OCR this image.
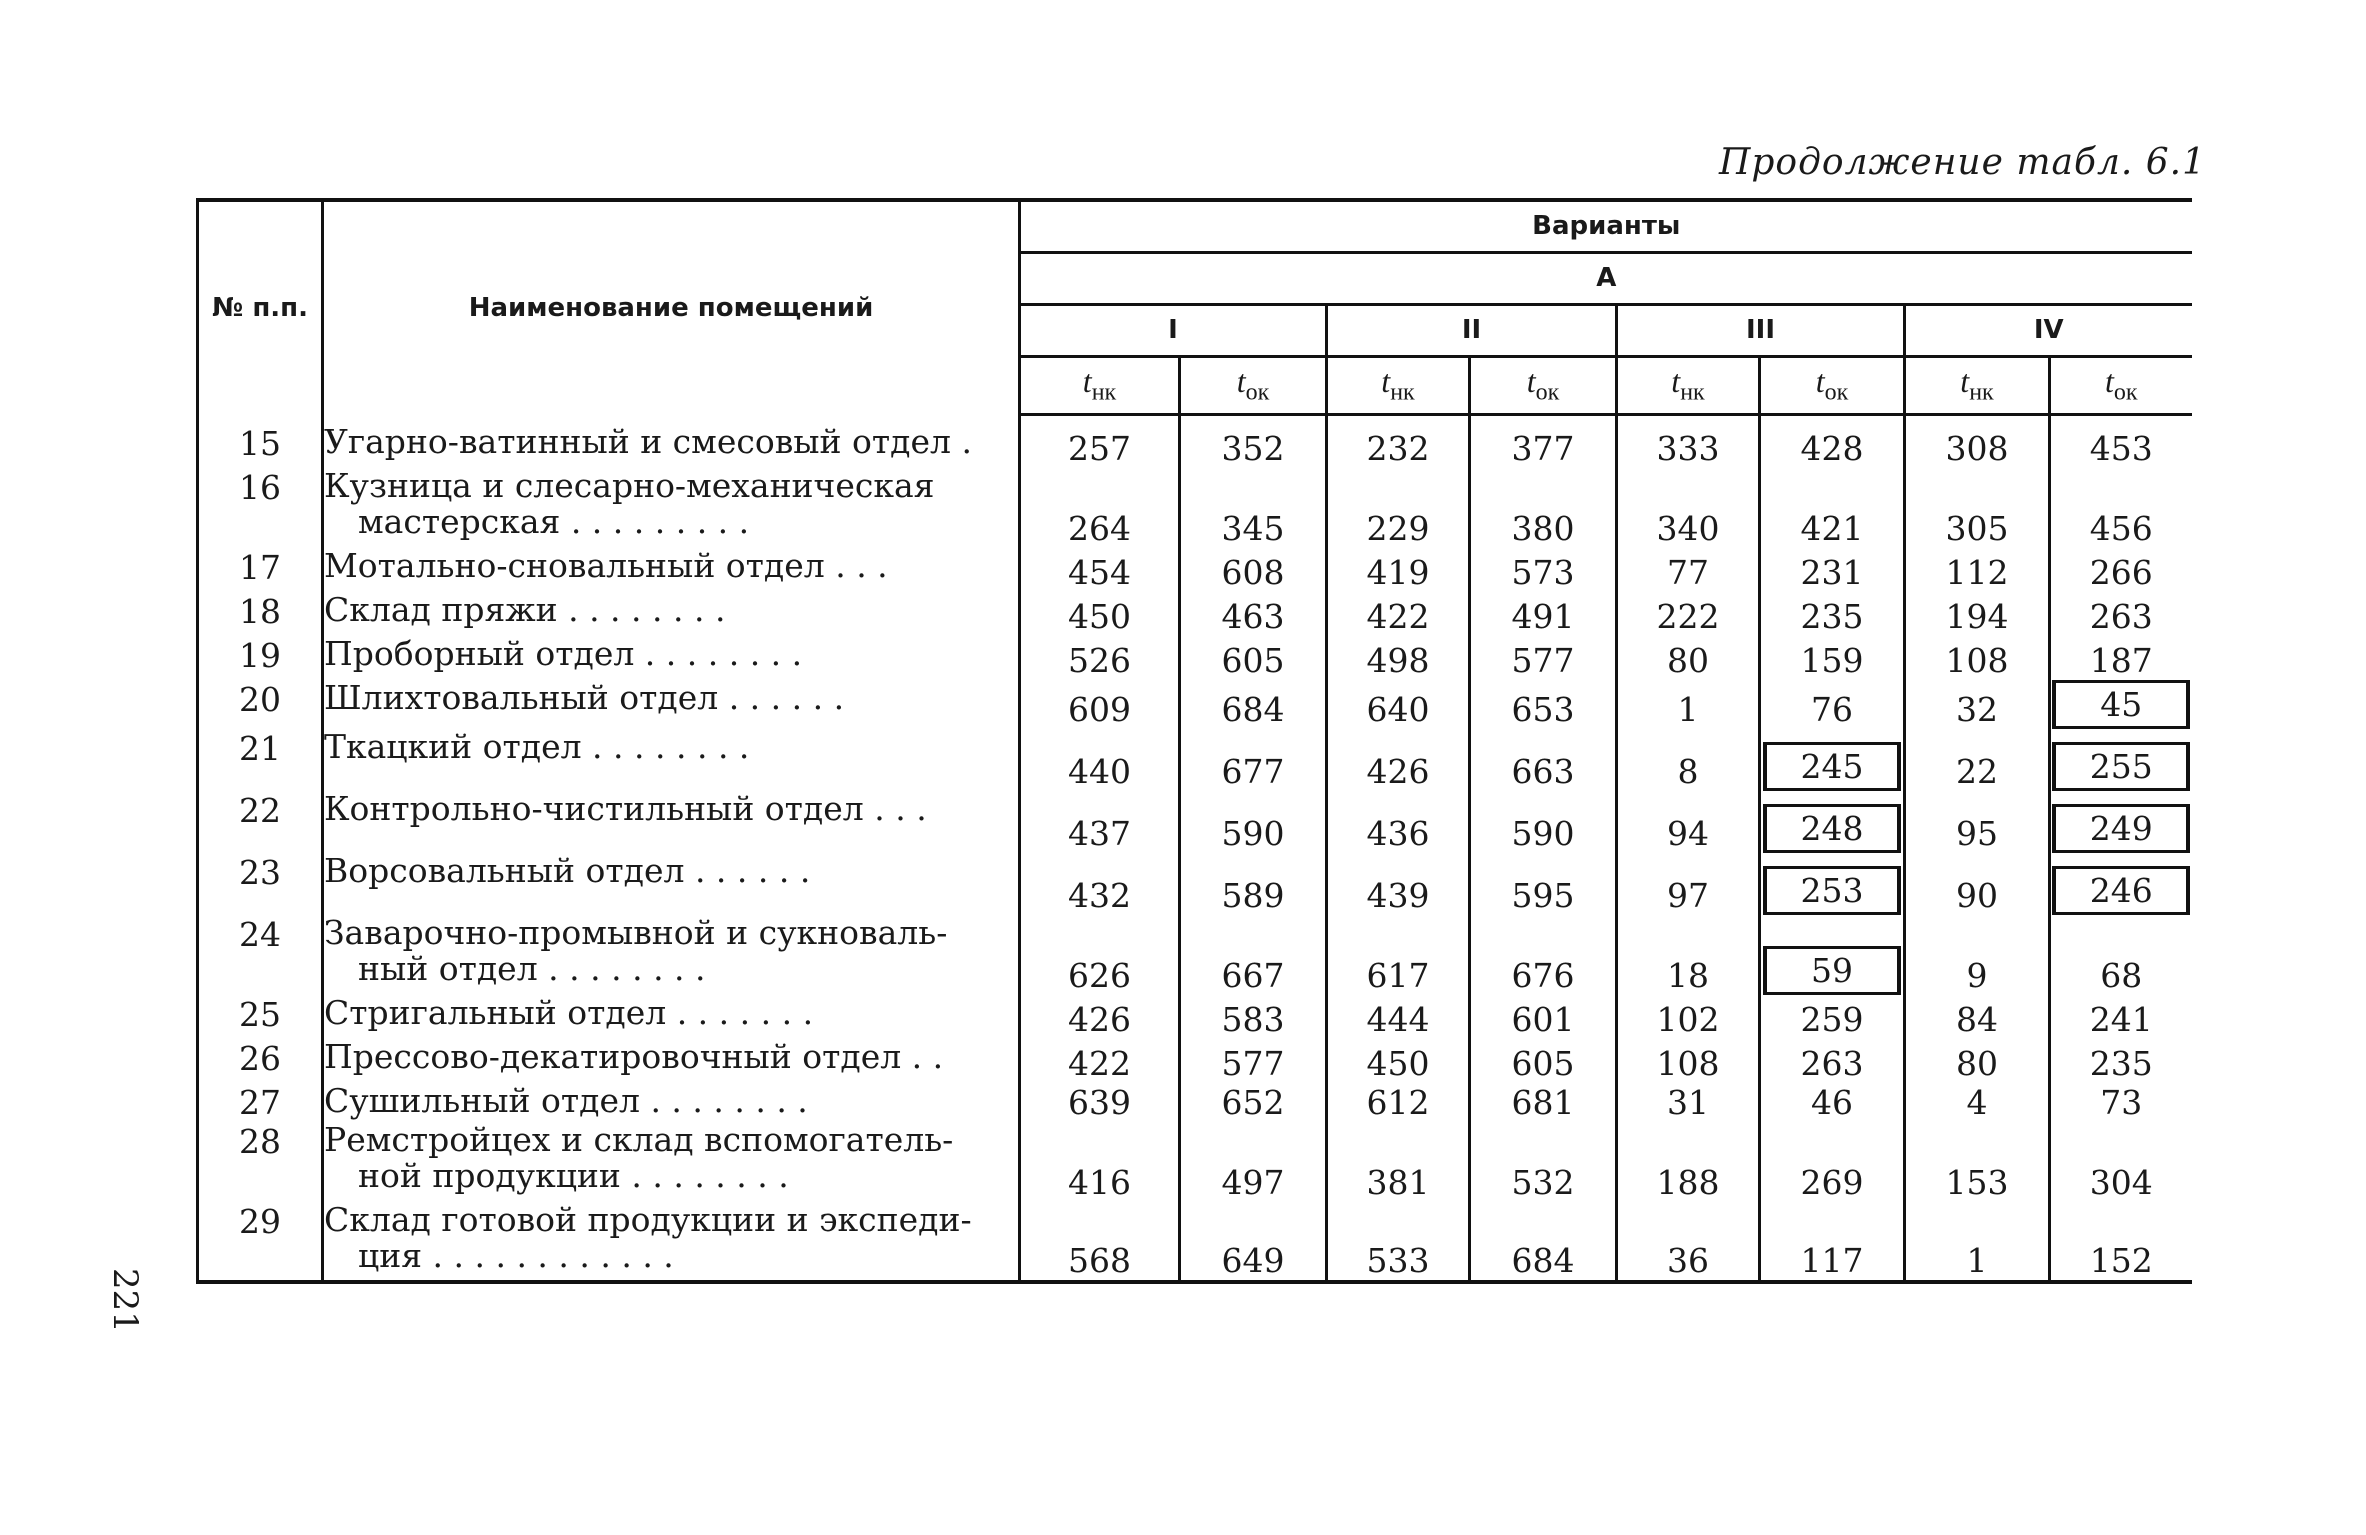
Продолжение табл. 6.1
№ п.п.	Наименование помещений	Варианты							
		А							
		I		II		III		IV	
		$t_{нк}$	$t_{ок}$	$t_{нк}$	$t_{ок}$	$t_{нк}$	$t_{ок}$	$t_{нк}$	$t_{ок}$

15	Угарно-ватинный и смесовый отдел .	257	352	232	377	333	428	308	453
16	Кузница и слесарно-механическая
мастерская . . . . . . . . .	264	345	229	380	340	421	305	456
17	Мотально-сновальный отдел . . .	454	608	419	573	77	231	112	266
18	Склад пряжи . . . . . . . .	450	463	422	491	222	235	194	263
19	Проборный отдел . . . . . . . .	526	605	498	577	80	159	108	187
20	Шлихтовальный отдел . . . . . .	609	684	640	653	1	76	32	45
21	Ткацкий отдел . . . . . . . .	440	677	426	663	8	245	22	255
22	Контрольно-чистильный отдел . . .	437	590	436	590	94	248	95	249
23	Ворсовальный отдел . . . . . .	432	589	439	595	97	253	90	246
24	Заварочно-промывной и сукноваль-
ный отдел . . . . . . . .	626	667	617	676	18	59	9	68
25	Стригальный отдел . . . . . . .	426	583	444	601	102	259	84	241
26	Прессово-декатировочный отдел . .	422	577	450	605	108	263	80	235
27	Сушильный отдел . . . . . . . .	639	652	612	681	31	46	4	73
28	Ремстройцех и склад вспомогатель-
ной продукции . . . . . . . .	416	497	381	532	188	269	153	304
29	Склад готовой продукции и экспеди-
ция . . . . . . . . . . . .	568	649	533	684	36	117	1	152
221
